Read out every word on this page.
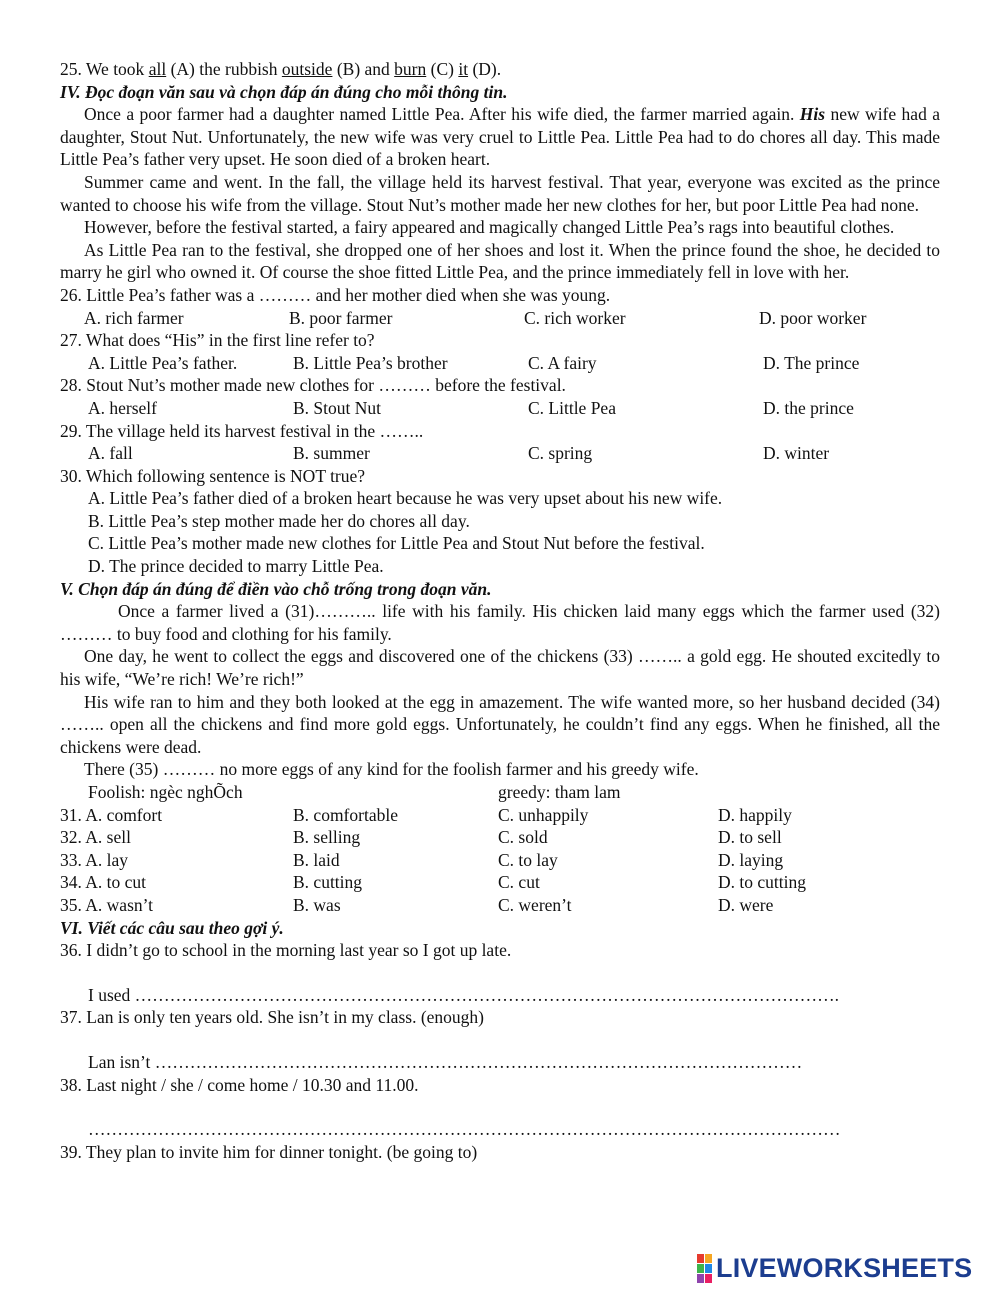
25. We took all (A) the rubbish outside (B) and burn (C) it (D).
IV. Đọc đoạn văn sau và chọn đáp án đúng cho mỗi thông tin.
Once a poor farmer had a daughter named Little Pea. After his wife died, the farmer married again. His new wife had a daughter, Stout Nut. Unfortunately, the new wife was very cruel to Little Pea. Little Pea had to do chores all day. This made Little Pea’s father very upset. He soon died of a broken heart.
Summer came and went. In the fall, the village held its harvest festival. That year, everyone was excited as the prince wanted to choose his wife from the village. Stout Nut’s mother made her new clothes for her, but poor Little Pea had none.
However, before the festival started, a fairy appeared and magically changed Little Pea’s rags into beautiful clothes.
As Little Pea ran to the festival, she dropped one of her shoes and lost it. When the prince found the shoe, he decided to marry he girl who owned it. Of course the shoe fitted Little Pea, and the prince immediately fell in love with her.
26. Little Pea’s father was a ……… and her mother died when she was young.
A. rich farmer	B. poor farmer	C. rich worker	D. poor worker
27. What does “His” in the first line refer to?
A. Little Pea’s father.	B. Little Pea’s brother	C. A fairy	D. The prince
28. Stout Nut’s mother made new clothes for ……… before the festival.
A. herself	B. Stout Nut	C. Little Pea	D. the prince
29. The village held its harvest festival in the ……..
A. fall	B. summer	C. spring	D. winter
30. Which following sentence is NOT true?
A. Little Pea’s father died of a broken heart because he was very upset about his new wife.
B. Little Pea’s step mother made her do chores all day.
C. Little Pea’s mother made new clothes for Little Pea and Stout Nut before the festival.
D. The prince decided to marry Little Pea.
V. Chọn đáp án đúng để điền vào chỗ trống trong đoạn văn.
Once a farmer lived a (31)……….. life with his family. His chicken laid many eggs which the farmer used (32) ……… to buy food and clothing for his family.
One day, he went to collect the eggs and discovered one of the chickens (33) …….. a gold egg. He shouted excitedly to his wife, “We’re rich! We’re rich!”
His wife ran to him and they both looked at the egg in amazement. The wife wanted more, so her husband decided (34) …….. open all the chickens and find more gold eggs. Unfortunately, he couldn’t find any eggs. When he finished, all the chickens were dead.
There (35) ……… no more eggs of any kind for the foolish farmer and his greedy wife.
Foolish: ngèc nghÕch	greedy: tham lam
31. A. comfort	B. comfortable	C. unhappily	D. happily
32. A. sell	B. selling	C. sold	D. to sell
33. A. lay	B. laid	C. to lay	D. laying
34. A. to cut	B. cutting	C. cut	D. to cutting
35. A. wasn’t	B. was	C. weren’t	D. were
VI. Viết các câu sau theo gợi ý.
36. I didn’t go to school in the morning last year so I got up late.
I used ………………………………………………………………………………………………………….
37. Lan is only ten years old. She isn’t in my class. (enough)
Lan isn’t …………………………………………………………………………………………………
38. Last night / she / come home / 10.30 and 11.00.
…………………………………………………………………………………………………………………
39. They plan to invite him for dinner tonight. (be going to)
LIVEWORKSHEETS
